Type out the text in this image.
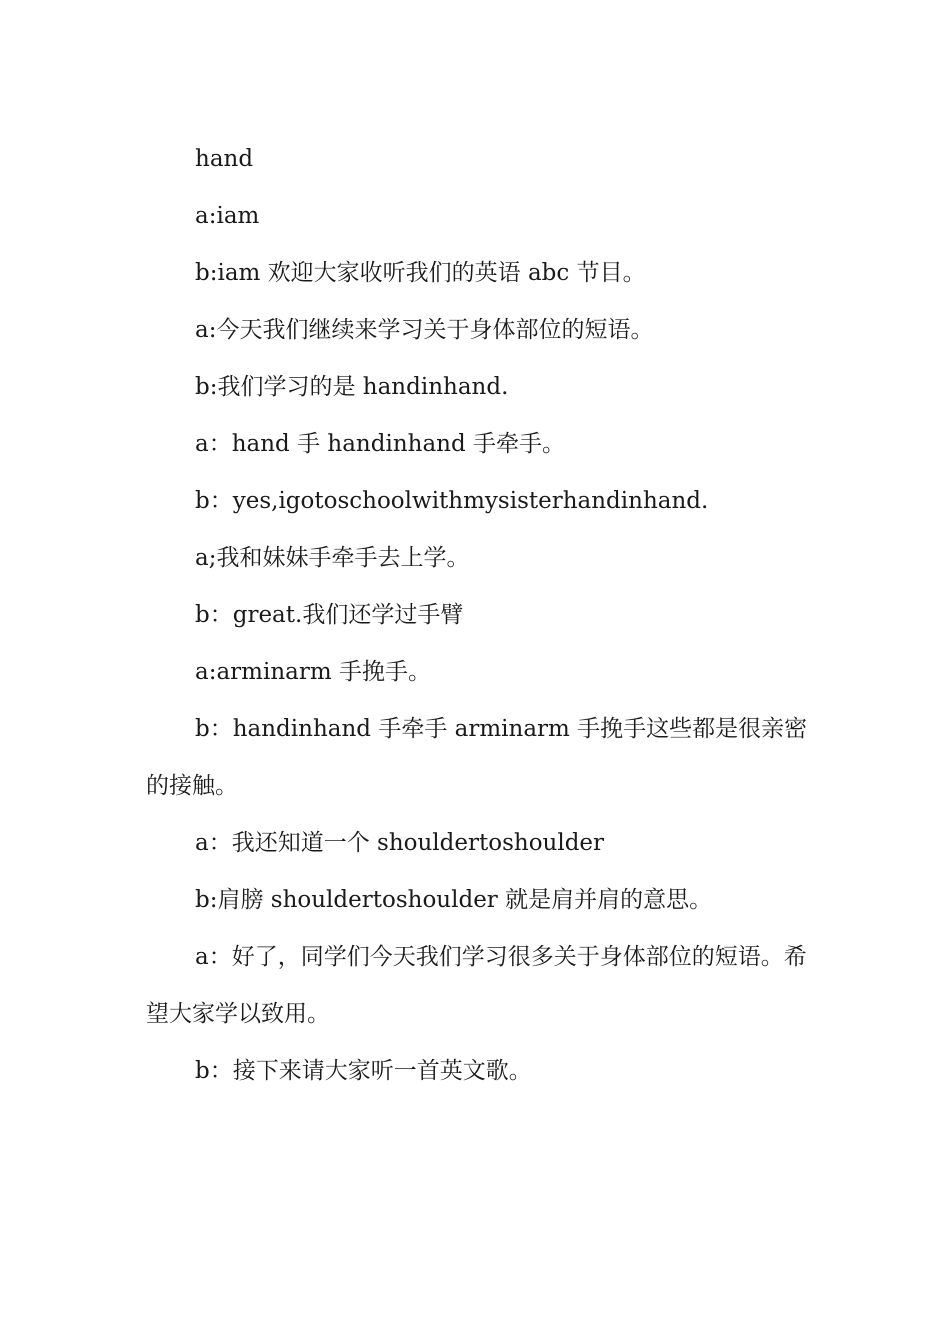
hand

a:iam

b:iam 欢迎大家收听我们的英语 abc 节目。

a:今天我们继续来学习关于身体部位的短语。

b:我们学习的是 handinhand.

a：hand 手 handinhand 手牵手。

b：yes,igotoschoolwithmysisterhandinhand.

a;我和妹妹手牵手去上学。

b：great.我们还学过手臂

a:arminarm 手挽手。

b：handinhand 手牵手 arminarm 手挽手这些都是很亲密的接触。

a：我还知道一个 shouldertoshoulder

b:肩膀 shouldertoshoulder 就是肩并肩的意思。

a：好了，同学们今天我们学习很多关于身体部位的短语。希望大家学以致用。

b：接下来请大家听一首英文歌。
